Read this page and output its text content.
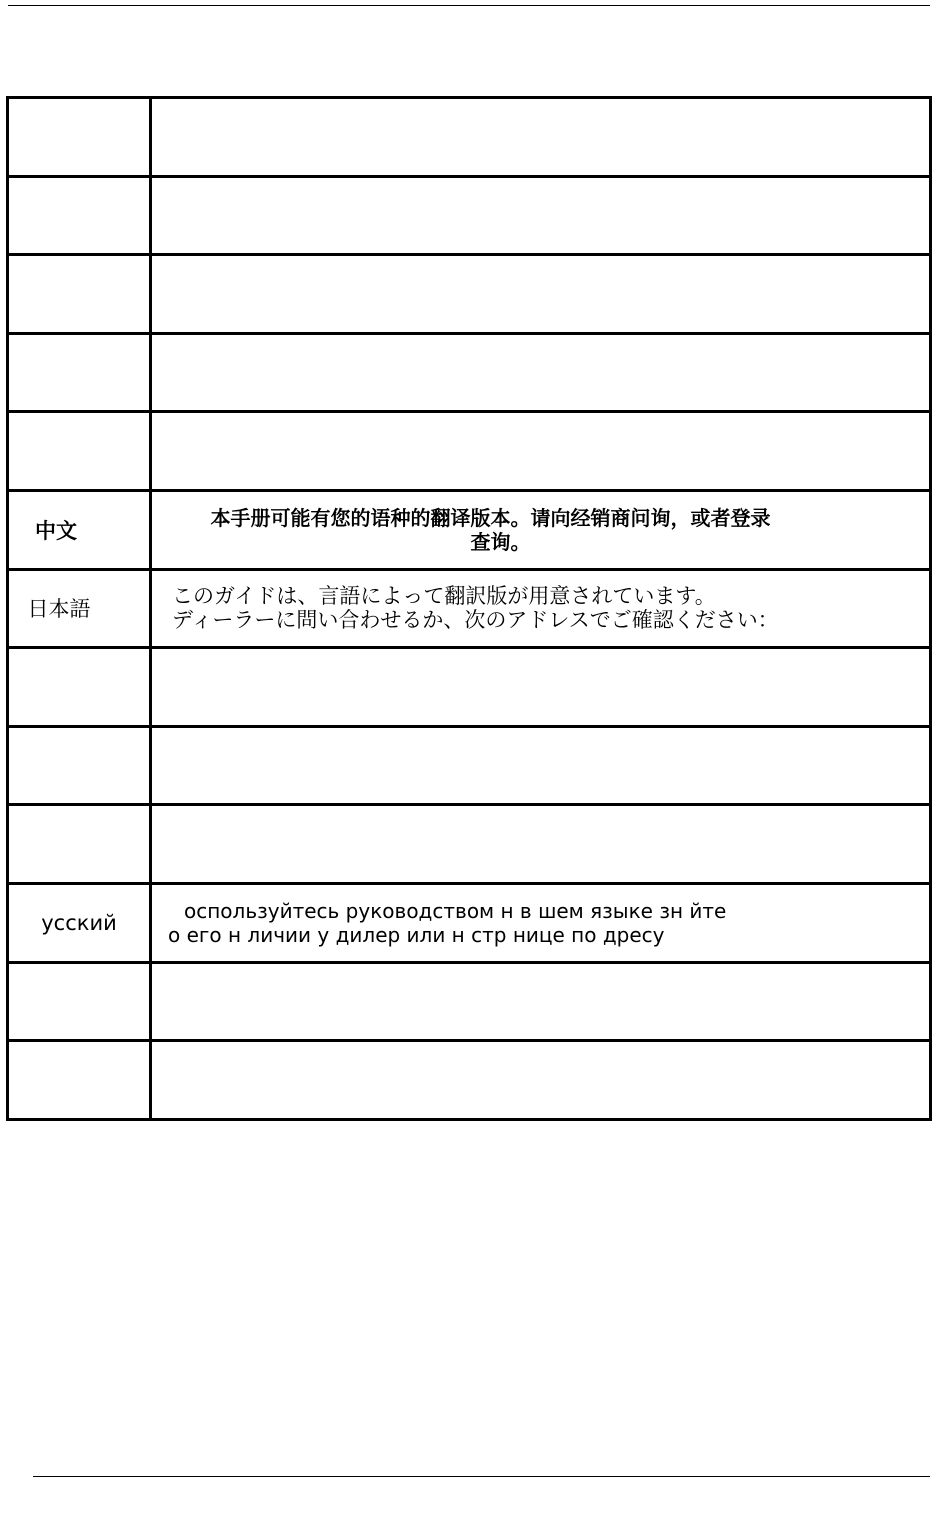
中文	本手册可能有您的语种的翻译版本。请向经销商问询，或者登录
查询。

日本語	このガイドは、言語によって翻訳版が用意されています。
ディーラーに問い合わせるか、次のアドレスでご確認ください：

усский	оспользуйтесь руководством н в шем языке зн йте
о его н личии у дилер или н стр нице по дресу
